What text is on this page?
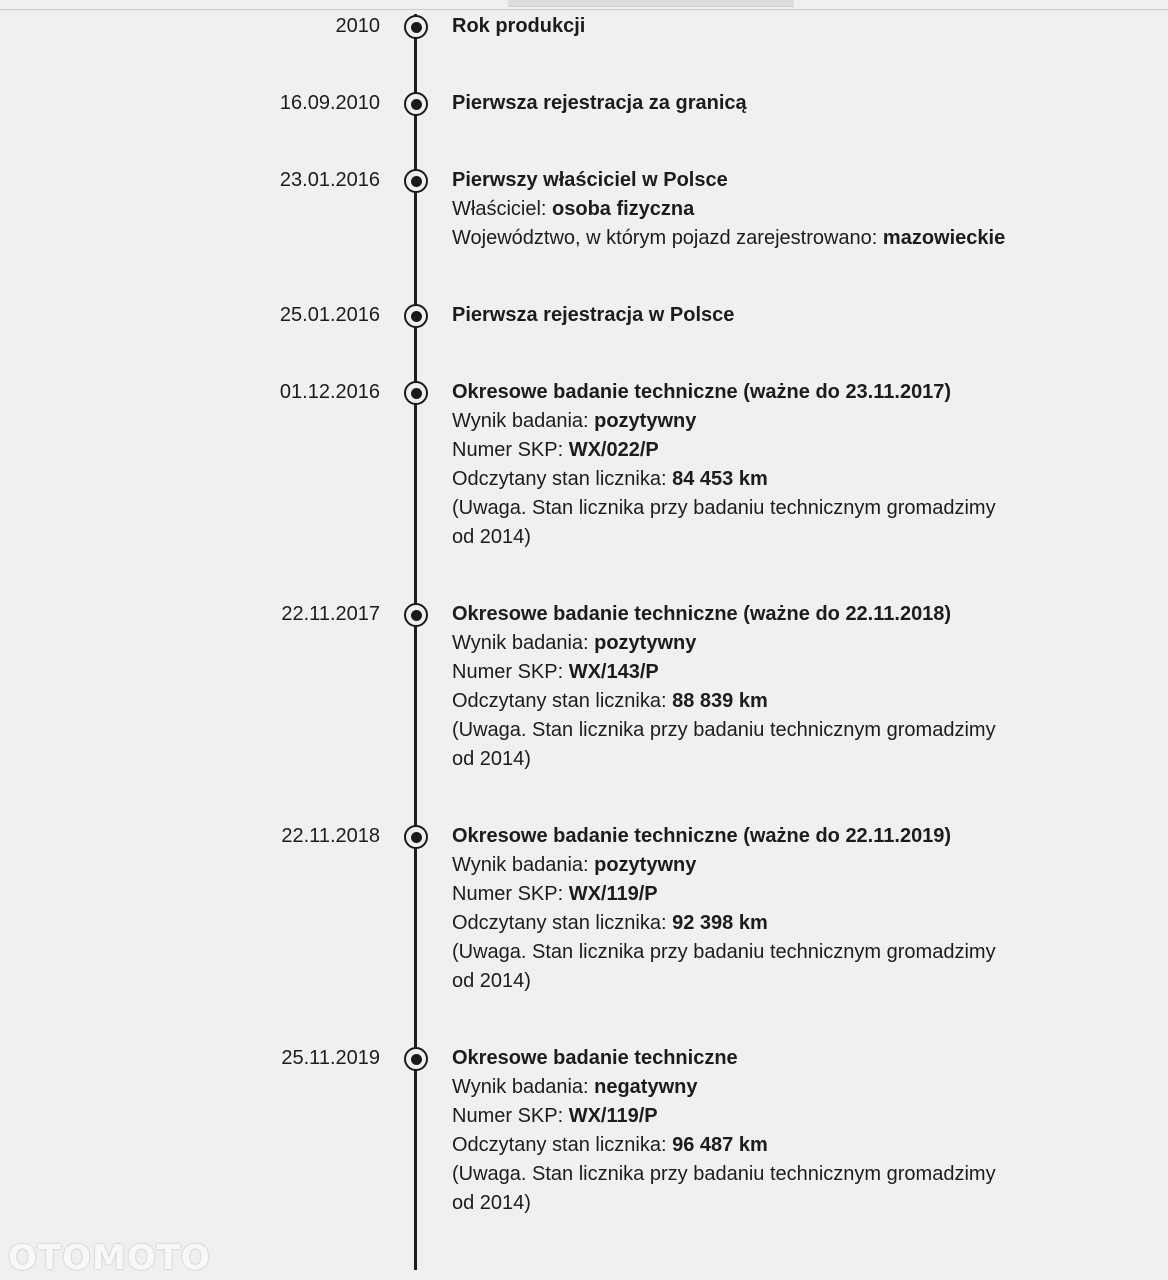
2010	Rok produkcji
16.09.2010	Pierwsza rejestracja za granicą
23.01.2016	Pierwszy właściciel w Polsce
Właściciel: osoba fizyczna
Województwo, w którym pojazd zarejestrowano: mazowieckie
25.01.2016	Pierwsza rejestracja w Polsce
01.12.2016	Okresowe badanie techniczne (ważne do 23.11.2017)
Wynik badania: pozytywny
Numer SKP: WX/022/P
Odczytany stan licznika: 84 453 km
(Uwaga. Stan licznika przy badaniu technicznym gromadzimy od 2014)
22.11.2017	Okresowe badanie techniczne (ważne do 22.11.2018)
Wynik badania: pozytywny
Numer SKP: WX/143/P
Odczytany stan licznika: 88 839 km
(Uwaga. Stan licznika przy badaniu technicznym gromadzimy od 2014)
22.11.2018	Okresowe badanie techniczne (ważne do 22.11.2019)
Wynik badania: pozytywny
Numer SKP: WX/119/P
Odczytany stan licznika: 92 398 km
(Uwaga. Stan licznika przy badaniu technicznym gromadzimy od 2014)
25.11.2019	Okresowe badanie techniczne
Wynik badania: negatywny
Numer SKP: WX/119/P
Odczytany stan licznika: 96 487 km
(Uwaga. Stan licznika przy badaniu technicznym gromadzimy od 2014)
OTOMOTO
